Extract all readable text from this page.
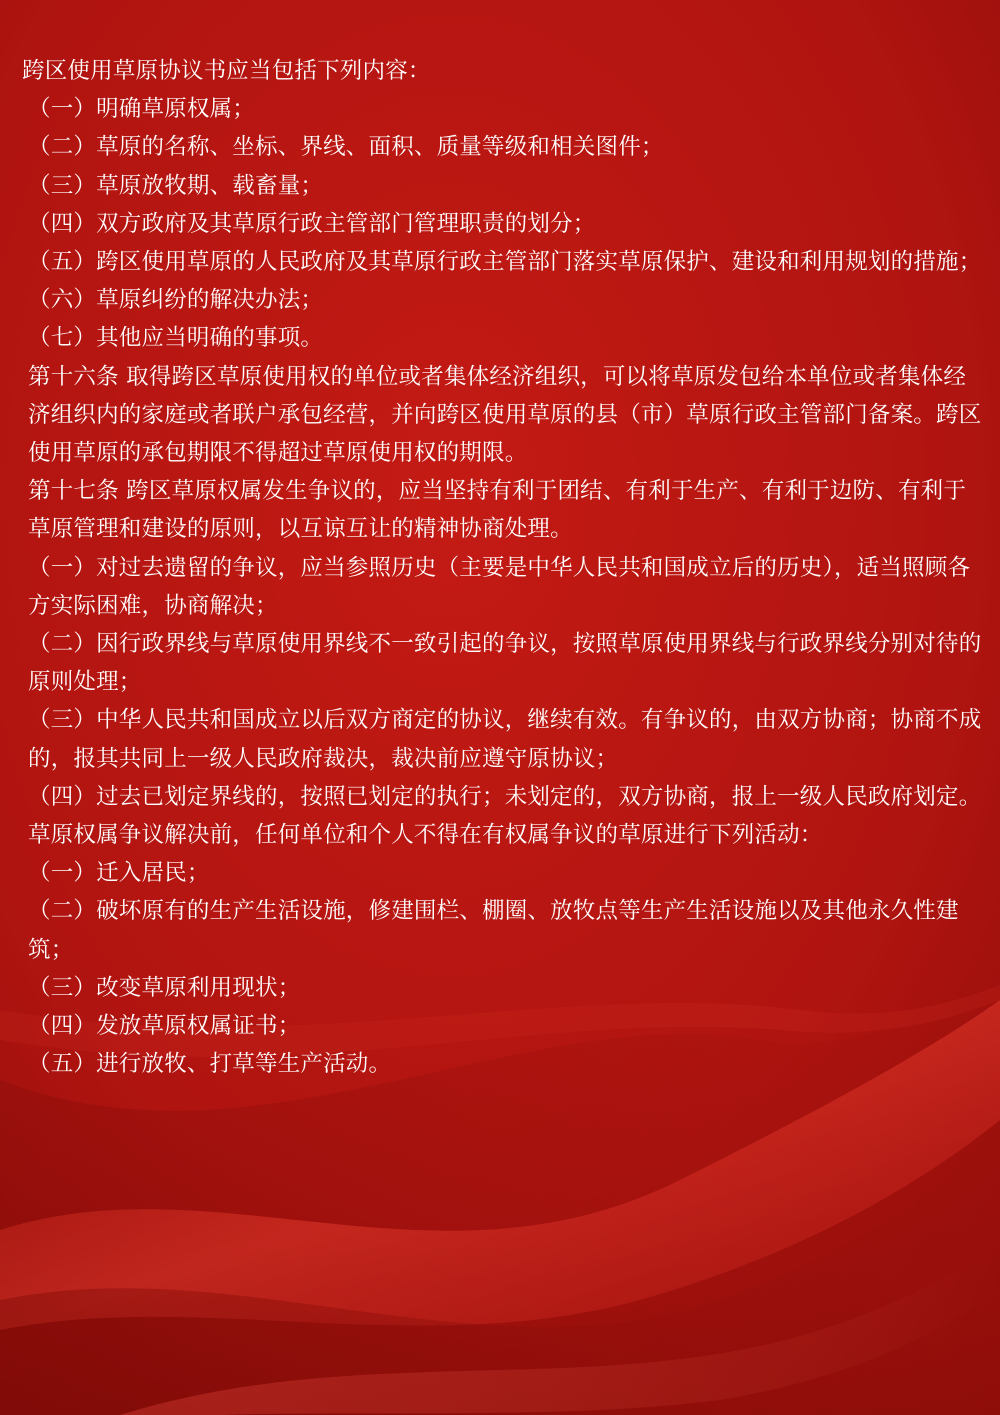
跨区使用草原协议书应当包括下列内容：

（一）明确草原权属；

（二）草原的名称、坐标、界线、面积、质量等级和相关图件；

（三）草原放牧期、载畜量；

（四）双方政府及其草原行政主管部门管理职责的划分；

（五）跨区使用草原的人民政府及其草原行政主管部门落实草原保护、建设和利用规划的措施；

（六）草原纠纷的解决办法；

（七）其他应当明确的事项。

第十六条 取得跨区草原使用权的单位或者集体经济组织，可以将草原发包给本单位或者集体经济组织内的家庭或者联户承包经营，并向跨区使用草原的县（市）草原行政主管部门备案。跨区使用草原的承包期限不得超过草原使用权的期限。

第十七条 跨区草原权属发生争议的，应当坚持有利于团结、有利于生产、有利于边防、有利于草原管理和建设的原则，以互谅互让的精神协商处理。

（一）对过去遗留的争议，应当参照历史（主要是中华人民共和国成立后的历史），适当照顾各方实际困难，协商解决；

（二）因行政界线与草原使用界线不一致引起的争议，按照草原使用界线与行政界线分别对待的原则处理；

（三）中华人民共和国成立以后双方商定的协议，继续有效。有争议的，由双方协商；协商不成的，报其共同上一级人民政府裁决，裁决前应遵守原协议；

（四）过去已划定界线的，按照已划定的执行；未划定的，双方协商，报上一级人民政府划定。

草原权属争议解决前，任何单位和个人不得在有权属争议的草原进行下列活动：

（一）迁入居民；

（二）破坏原有的生产生活设施，修建围栏、棚圈、放牧点等生产生活设施以及其他永久性建筑；

（三）改变草原利用现状；

（四）发放草原权属证书；

（五）进行放牧、打草等生产活动。
